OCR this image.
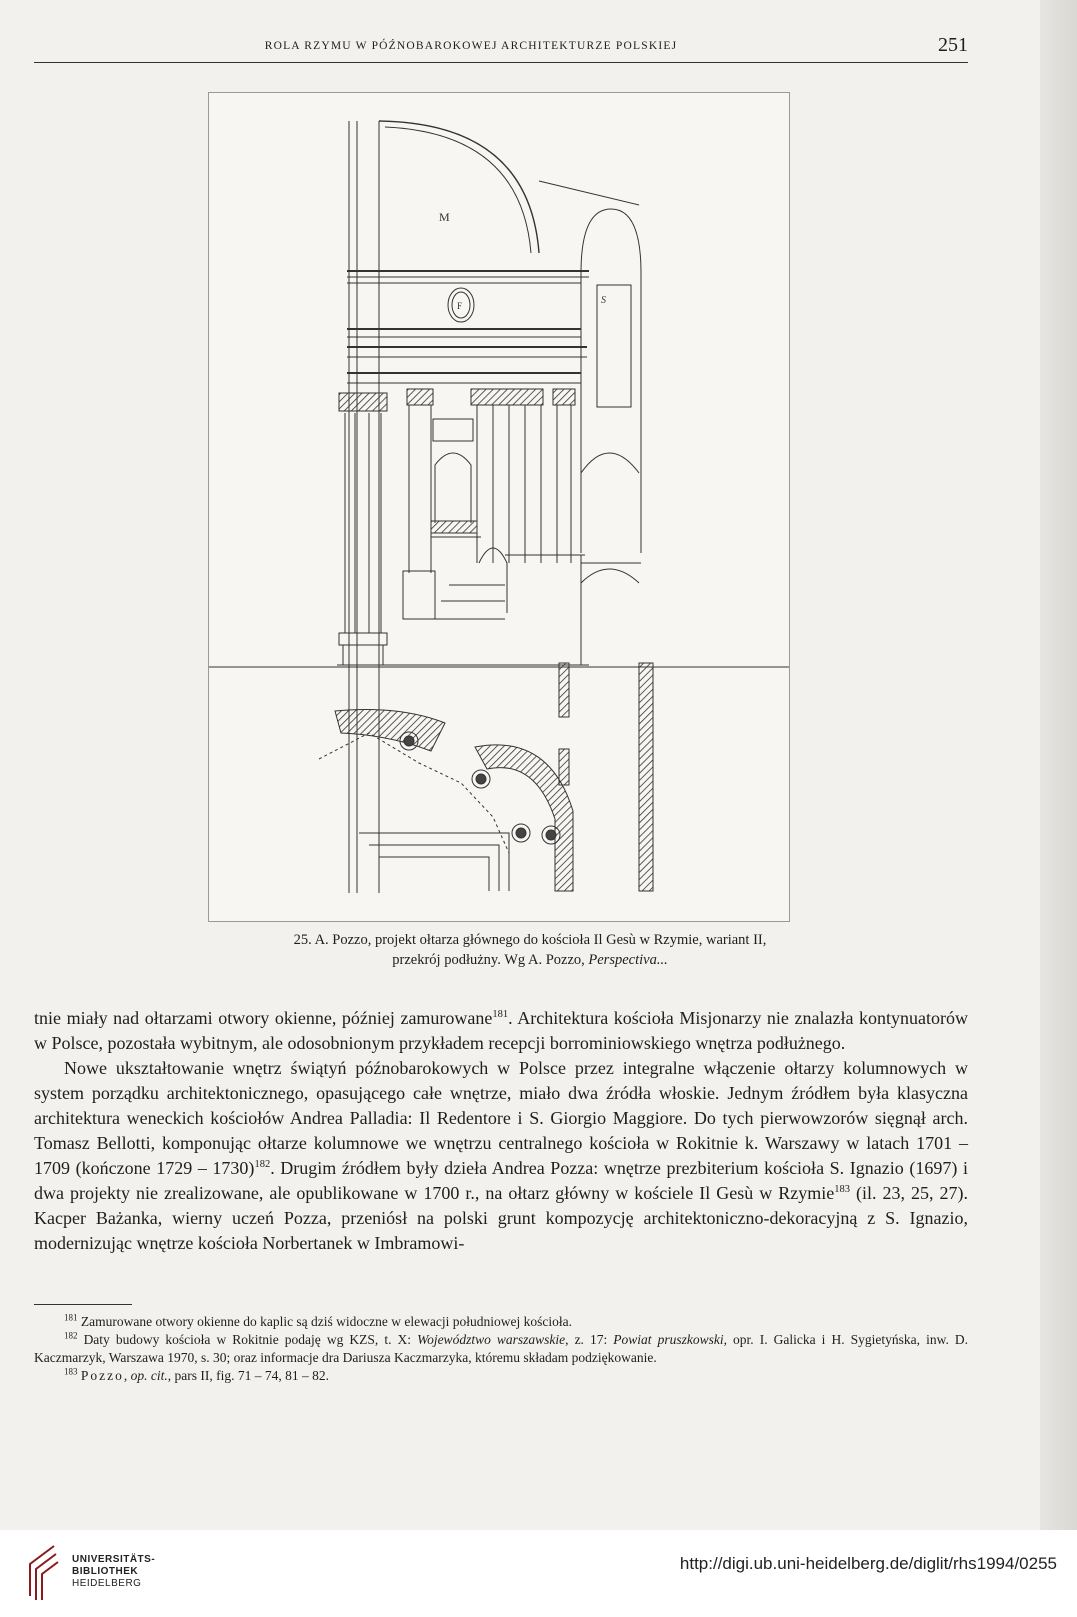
ROLA RZYMU W PÓŹNOBAROKOWEJ ARCHITEKTURZE POLSKIEJ	251
M
F	S
25. A. Pozzo, projekt ołtarza głównego do kościoła Il Gesù w Rzymie, wariant II,
przekrój podłużny. Wg A. Pozzo, Perspectiva...

tnie miały nad ołtarzami otwory okienne, później zamurowane$^{181}$. Architektura kościoła Misjonarzy nie znalazła kontynuatorów w Polsce, pozostała wybitnym, ale odosobnionym przykładem recepcji borrominiowskiego wnętrza podłużnego.

Nowe ukształtowanie wnętrz świątyń późnobarokowych w Polsce przez integralne włączenie ołtarzy kolumnowych w system porządku architektonicznego, opasującego całe wnętrze, miało dwa źródła włoskie. Jednym źródłem była klasyczna architektura weneckich kościołów Andrea Palladia: Il Redentore i S. Giorgio Maggiore. Do tych pierwowzorów sięgnął arch. Tomasz Bellotti, komponując ołtarze kolumnowe we wnętrzu centralnego kościoła w Rokitnie k. Warszawy w latach 1701 – 1709 (kończone 1729 – 1730)$^{182}$. Drugim źródłem były dzieła Andrea Pozza: wnętrze prezbiterium kościoła S. Ignazio (1697) i dwa projekty nie zrealizowane, ale opublikowane w 1700 r., na ołtarz główny w kościele Il Gesù w Rzymie$^{183}$ (il. 23, 25, 27). Kacper Bażanka, wierny uczeń Pozza, przeniósł na polski grunt kompozycję architektoniczno-dekoracyjną z S. Ignazio, modernizując wnętrze kościoła Norbertanek w Imbramowi-

$^{181}$ Zamurowane otwory okienne do kaplic są dziś widoczne w elewacji południowej kościoła.

$^{182}$ Daty budowy kościoła w Rokitnie podaję wg KZS, t. X: Województwo warszawskie, z. 17: Powiat pruszkowski, opr. I. Galicka i H. Sygietyńska, inw. D. Kaczmarzyk, Warszawa 1970, s. 30; oraz informacje dra Dariusza Kaczmarzyka, któremu składam podziękowanie.

$^{183}$ Pozzo, op. cit., pars II, fig. 71 – 74, 81 – 82.

UNIVERSITÄTS-
BIBLIOTHEK
HEIDELBERG
http://digi.ub.uni-heidelberg.de/diglit/rhs1994/0255
